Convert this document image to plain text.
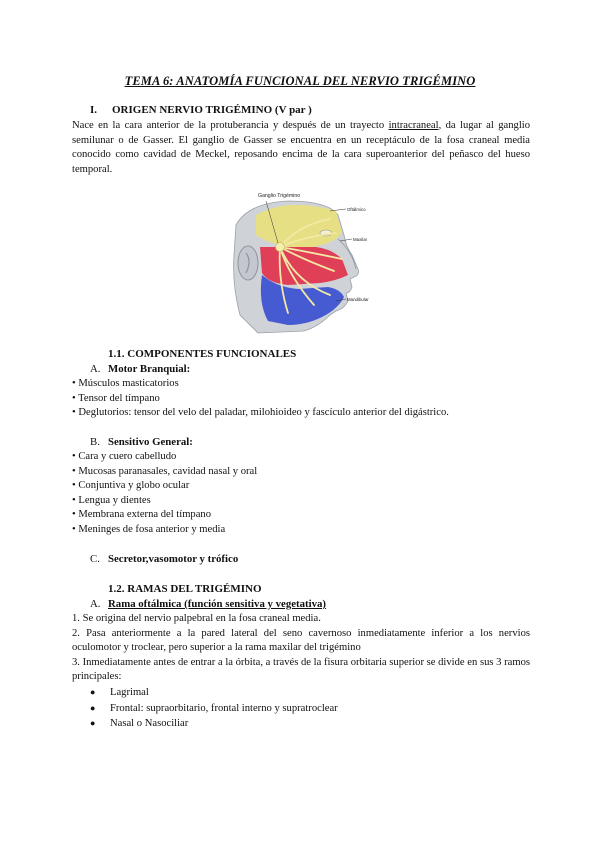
TEMA 6: ANATOMÍA FUNCIONAL DEL NERVIO TRIGÉMINO
I. ORIGEN NERVIO TRIGÉMINO (V par )
Nace en la cara anterior de la protuberancia y después de un trayecto intracraneal, da lugar al ganglio semilunar o de Gasser. El ganglio de Gasser se encuentra en un receptáculo de la fosa craneal media conocido como cavidad de Meckel, reposando encima de la cara superoanterior del peñasco del hueso temporal.
Ganglio Trigémino
Oftálmico
Maxilar
Mandibular
1.1. COMPONENTES FUNCIONALES
A. Motor Branquial:
• Músculos masticatorios
• Tensor del tímpano
• Deglutorios: tensor del velo del paladar, milohioideo y fascículo anterior del digástrico.
B. Sensitivo General:
• Cara y cuero cabelludo
• Mucosas paranasales, cavidad nasal y oral
• Conjuntiva y globo ocular
• Lengua y dientes
• Membrana externa del tímpano
• Meninges de fosa anterior y media
C. Secretor,vasomotor y trófico
1.2. RAMAS DEL TRIGÉMINO
A. Rama oftálmica (función sensitiva y vegetativa)
1. Se origina del nervio palpebral en la fosa craneal media.
2. Pasa anteriormente a la pared lateral del seno cavernoso inmediatamente inferior a los nervios oculomotor y troclear, pero superior a la rama maxilar del trigémino
3. Inmediatamente antes de entrar a la órbita, a través de la fisura orbitaria superior se divide en sus 3 ramos principales:
● Lagrimal
● Frontal: supraorbitario, frontal interno y supratroclear
● Nasal o Nasociliar
